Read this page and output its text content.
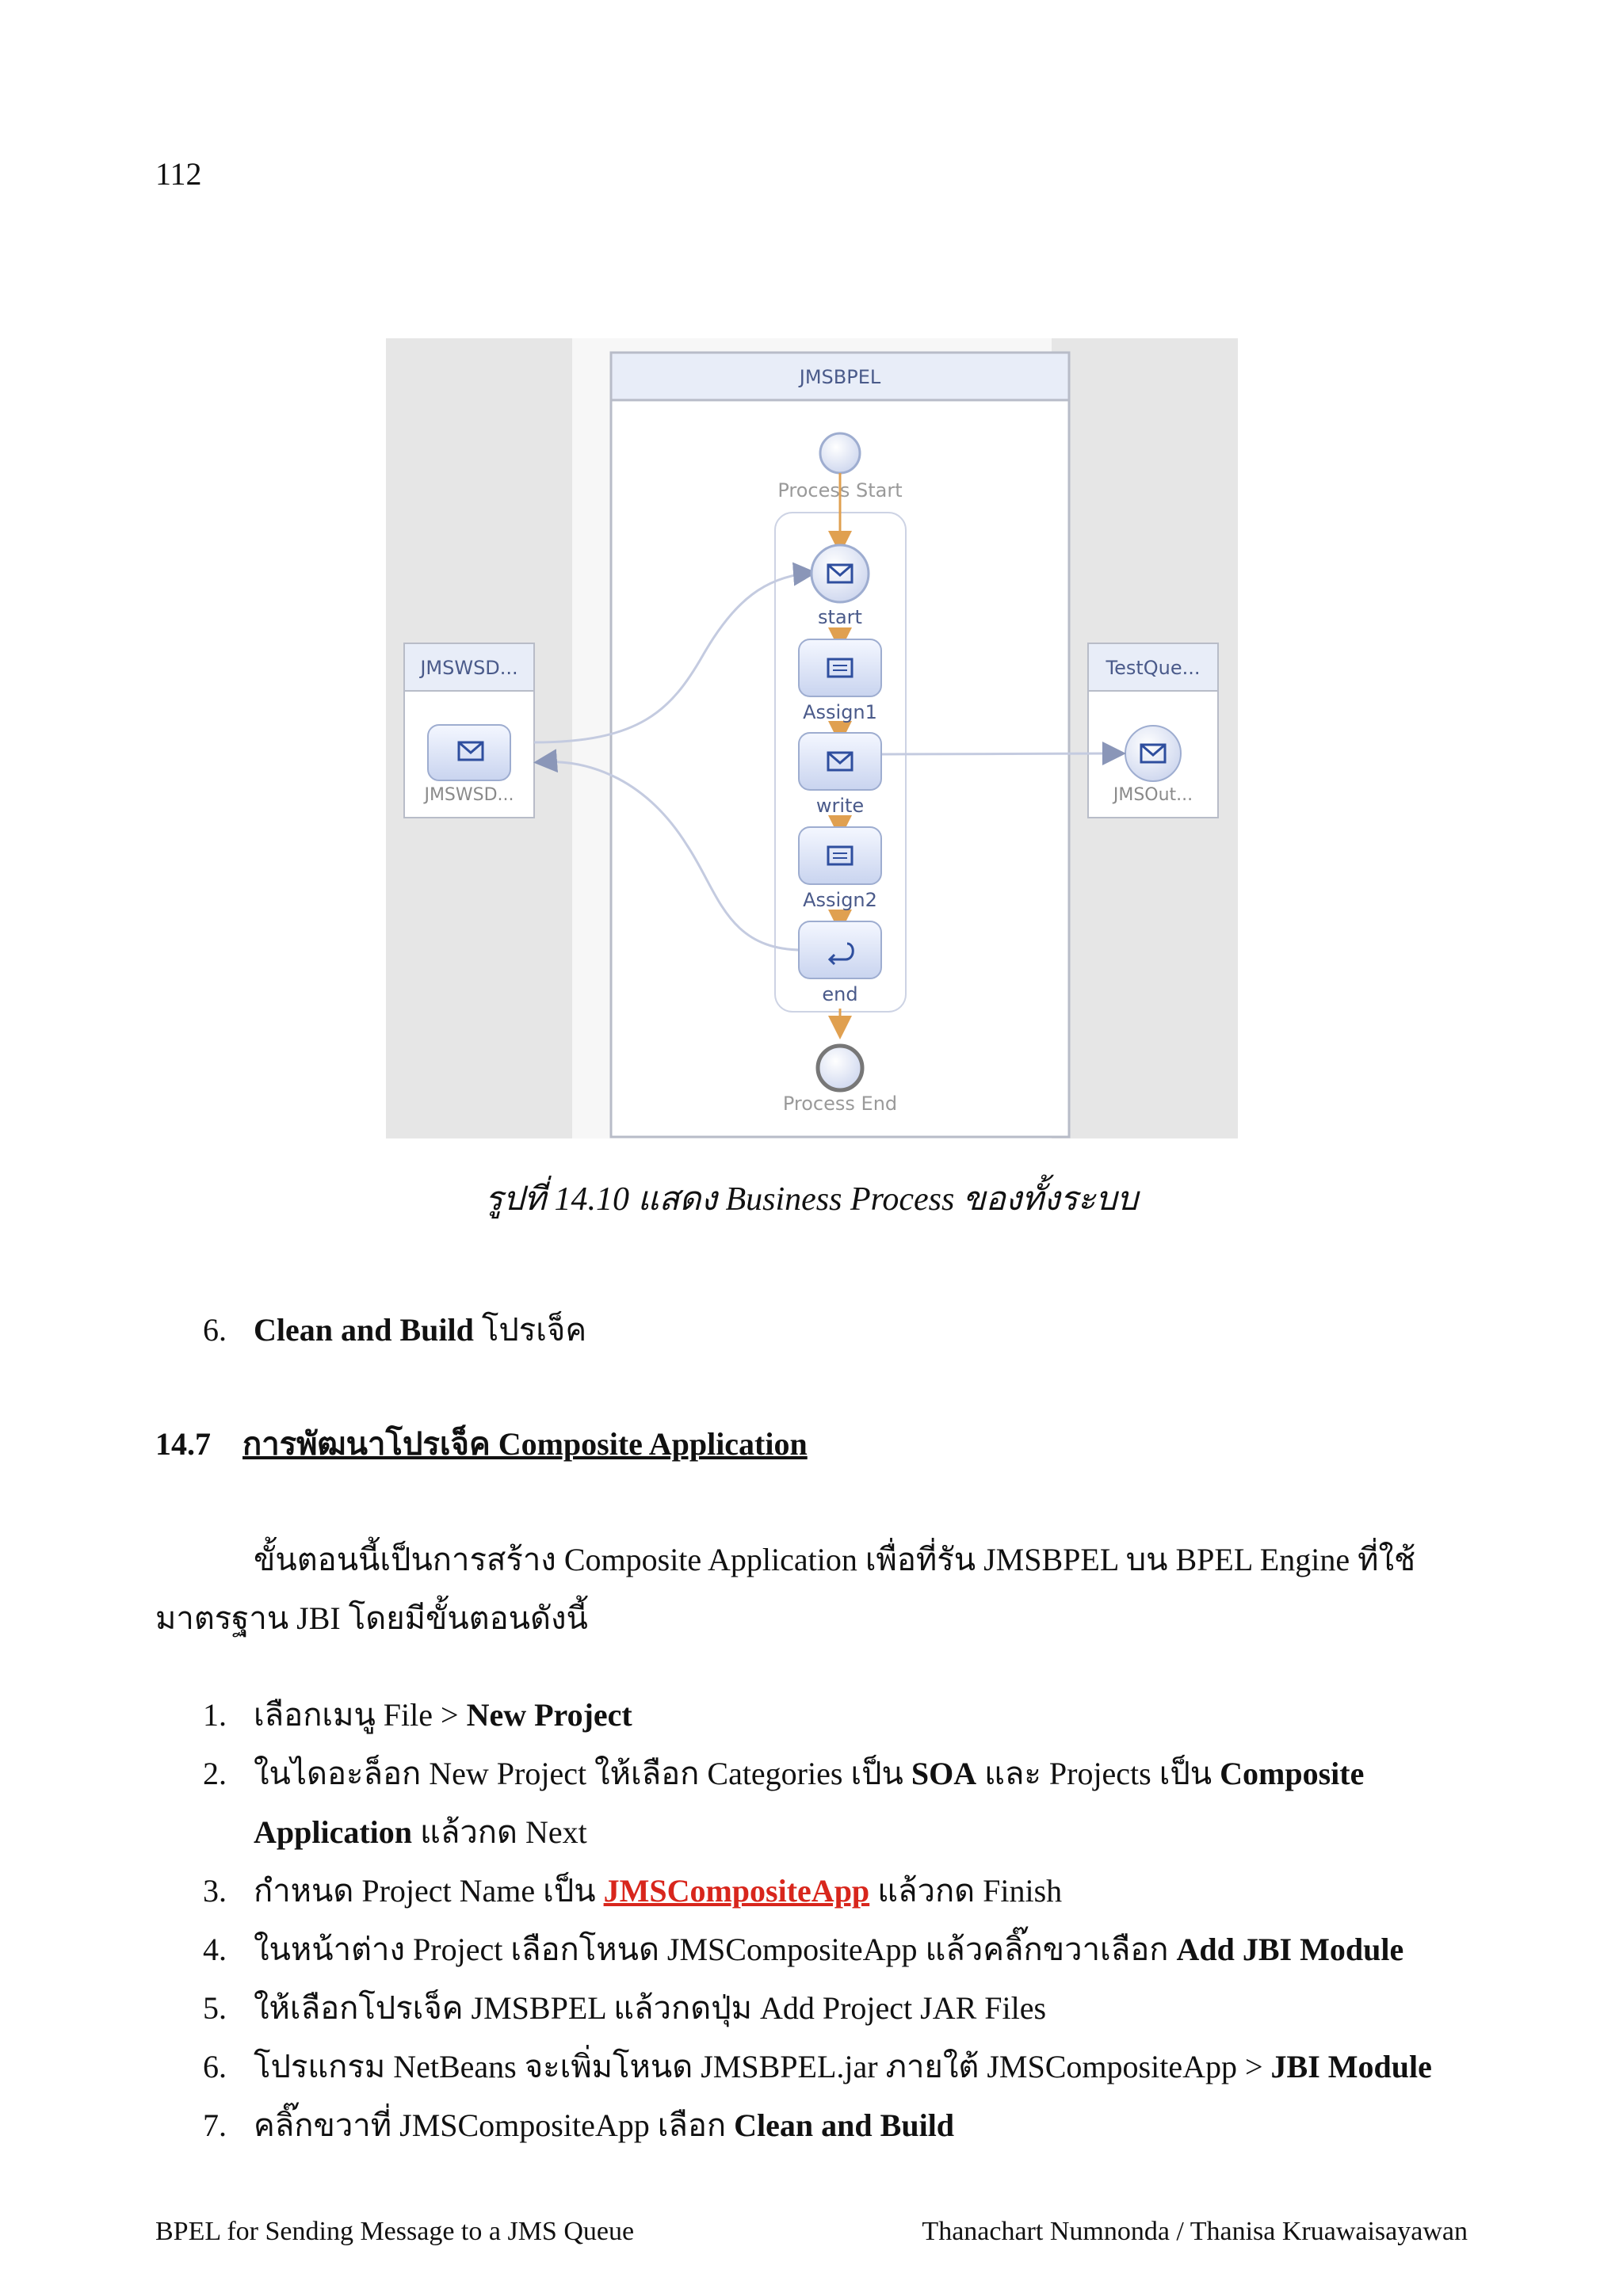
112
JMSBPEL
JMSWSD...
JMSWSD...
TestQue...
JMSOut...
Process Start
start
Assign1
write
Assign2
end
Process End
รูปที่ 14.10 แสดง Business Process ของทั้งระบบ
6. Clean and Build โปรเจ็ค
14.7 การพัฒนาโปรเจ็ค Composite Application
ขั้นตอนนี้เป็นการสร้าง Composite Application เพื่อที่รัน JMSBPEL บน BPEL Engine ที่ใช้
มาตรฐาน JBI โดยมีขั้นตอนดังนี้
1. เลือกเมนู File > New Project
2. ในไดอะล็อก New Project ให้เลือก Categories เป็น SOA และ Projects เป็น Composite
Application แล้วกด Next
3. กำหนด Project Name เป็น JMSCompositeApp แล้วกด Finish
4. ในหน้าต่าง Project เลือกโหนด JMSCompositeApp แล้วคลิ๊กขวาเลือก Add JBI Module
5. ให้เลือกโปรเจ็ค JMSBPEL แล้วกดปุ่ม Add Project JAR Files
6. โปรแกรม NetBeans จะเพิ่มโหนด JMSBPEL.jar ภายใต้ JMSCompositeApp > JBI Module
7. คลิ๊กขวาที่ JMSCompositeApp เลือก Clean and Build
BPEL for Sending Message to a JMS Queue	Thanachart Numnonda / Thanisa Kruawaisayawan
